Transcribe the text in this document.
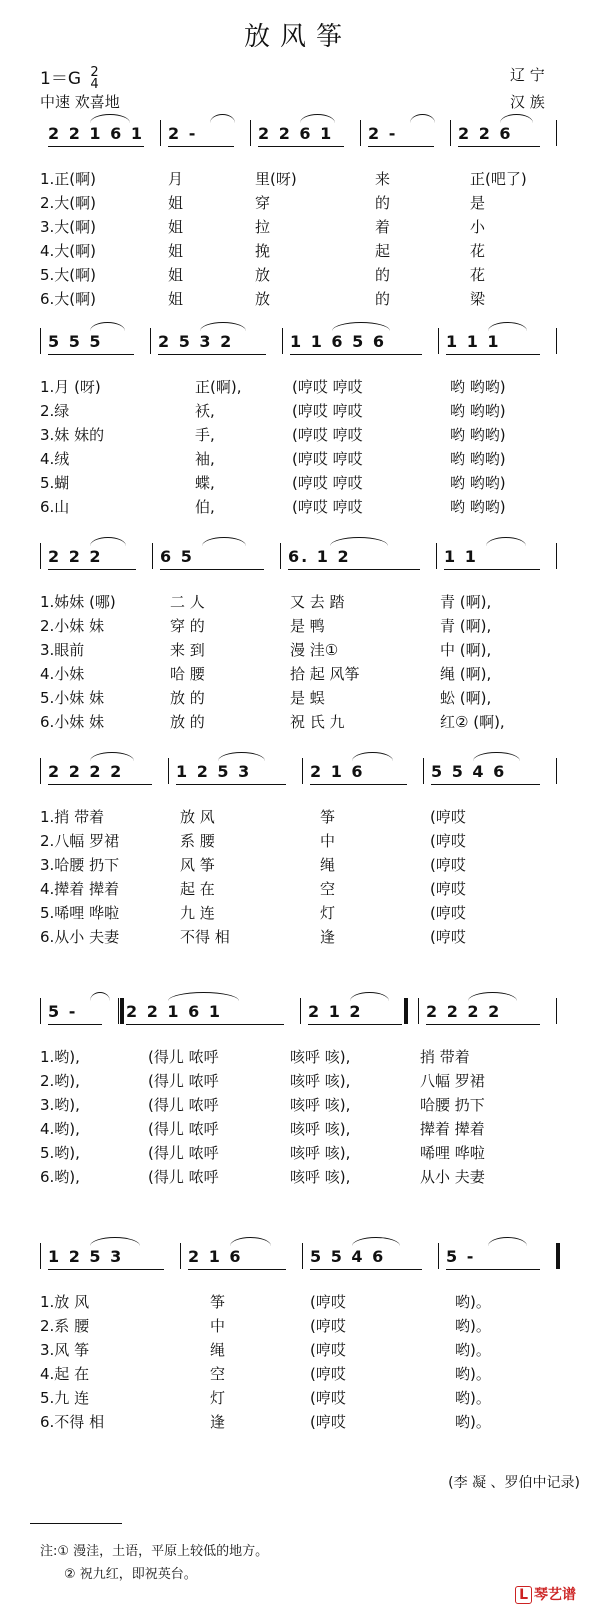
放风筝
1＝G 2
4
中速 欢喜地
辽 宁
汉 族
2 2 1 6 1	2 -	2 2 6 1	2 -	2 2 6
1.正(啊)	月	里(呀)	来	正(吧了)
2.大(啊)	姐	穿	的	是
3.大(啊)	姐	拉	着	小
4.大(啊)	姐	挽	起	花
5.大(啊)	姐	放	的	花
6.大(啊)	姐	放	的	梁
5 5 5	2 5 3 2	1 1 6 5 6	1 1 1
1.月 (呀)	正(啊),	(哼哎 哼哎	哟 哟哟)
2.绿	袄,	(哼哎 哼哎	哟 哟哟)
3.妹 妹的	手,	(哼哎 哼哎	哟 哟哟)
4.绒	袖,	(哼哎 哼哎	哟 哟哟)
5.蝴	蝶,	(哼哎 哼哎	哟 哟哟)
6.山	伯,	(哼哎 哼哎	哟 哟哟)
2 2 2	6 5	6. 1 2	1 1
1.姊妹 (哪)	二 人	又 去 踏	青 (啊),
2.小妹 妹	穿 的	是 鸭	青 (啊),
3.眼前	来 到	漫 洼①	中 (啊),
4.小妹	哈 腰	拾 起 风筝	绳 (啊),
5.小妹 妹	放 的	是 蜈	蚣 (啊),
6.小妹 妹	放 的	祝 氏 九	红② (啊),
2 2 2 2	1 2 5 3	2 1 6	5 5 4 6
1.捎 带着	放 风	筝	(哼哎
2.八幅 罗裙	系 腰	中	(哼哎
3.哈腰 扔下	风 筝	绳	(哼哎
4.撵着 撵着	起 在	空	(哼哎
5.唏哩 哗啦	九 连	灯	(哼哎
6.从小 夫妻	不得 相	逢	(哼哎
5 -	2 2 1 6 1	2 1 2	2 2 2 2
1.哟),	(得儿 哝呼	咳呼 咳),	捎 带着
2.哟),	(得儿 哝呼	咳呼 咳),	八幅 罗裙
3.哟),	(得儿 哝呼	咳呼 咳),	哈腰 扔下
4.哟),	(得儿 哝呼	咳呼 咳),	撵着 撵着
5.哟),	(得儿 哝呼	咳呼 咳),	唏哩 哗啦
6.哟),	(得儿 哝呼	咳呼 咳),	从小 夫妻
1 2 5 3	2 1 6	5 5 4 6	5 -
1.放 风	筝	(哼哎	哟)。
2.系 腰	中	(哼哎	哟)。
3.风 筝	绳	(哼哎	哟)。
4.起 在	空	(哼哎	哟)。
5.九 连	灯	(哼哎	哟)。
6.不得 相	逢	(哼哎	哟)。
(李 凝 、罗伯中记录)
注:① 漫洼，土语，平原上较低的地方。
② 祝九红，即祝英台。
L 琴艺谱
